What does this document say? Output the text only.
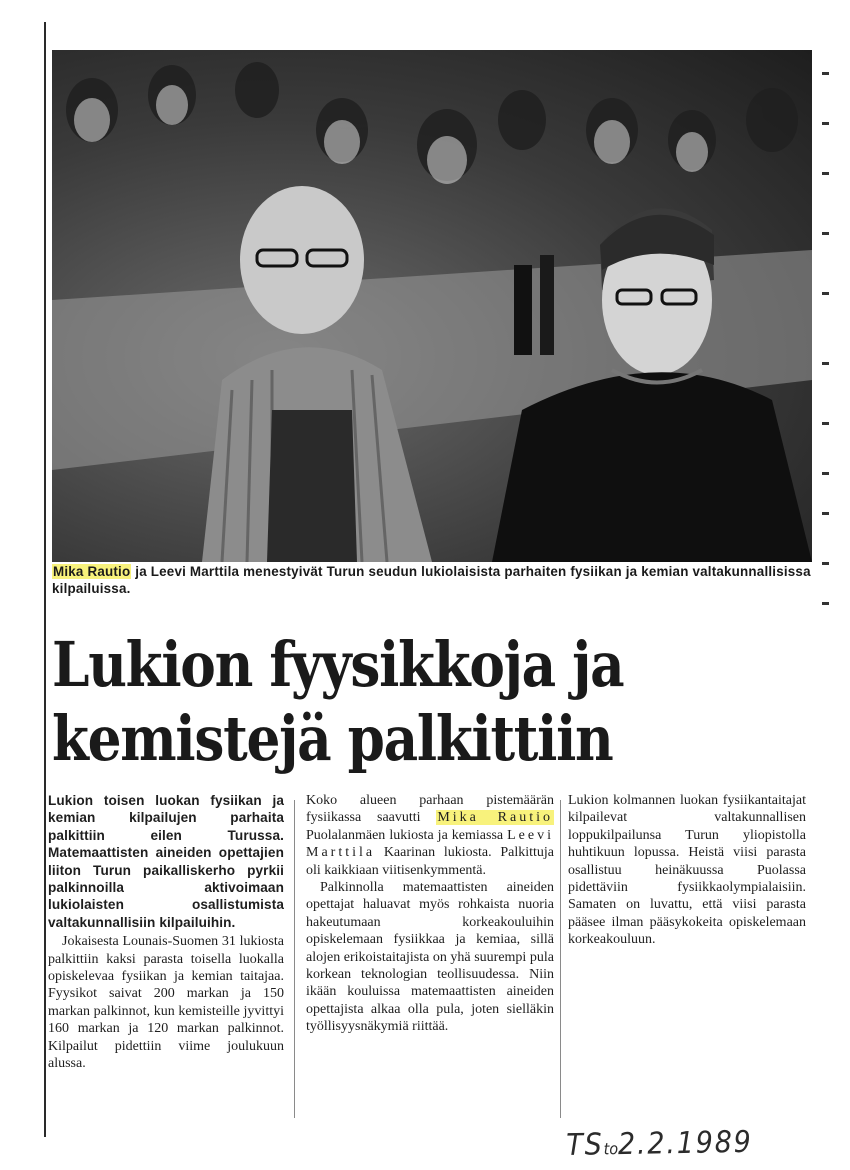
Mika Rautio ja Leevi Marttila menestyivät Turun seudun lukiolaisista parhaiten fysiikan ja kemian valtakunnallisissa kilpailuissa.
Lukion fyysikkoja ja
kemistejä palkittiin

Lukion toisen luokan fysiikan ja kemian kilpailujen parhaita palkittiin eilen Turussa. Matemaattisten aineiden opettajien liiton Turun paikalliskerho pyrkii palkinnoilla aktivoimaan lukiolaisten osallistumista valtakunnallisiin kilpailuihin.

Jokaisesta Lounais-Suomen 31 lukiosta palkittiin kaksi parasta toisella luokalla opiskelevaa fysiikan ja kemian taitajaa. Fyysikot saivat 200 markan ja 150 markan palkinnot, kun kemisteille jyvittyi 160 markan ja 120 markan palkinnot. Kilpailut pidettiin viime joulukuun alussa.

Koko alueen parhaan pistemäärän fysiikassa saavutti Mika Rautio Puolalanmäen lukiosta ja kemiassa Leevi Marttila Kaarinan lukiosta. Palkittuja oli kaikkiaan viitisenkymmentä.

Palkinnolla matemaattisten aineiden opettajat haluavat myös rohkaista nuoria hakeutumaan korkeakouluihin opiskelemaan fysiikkaa ja kemiaa, sillä alojen erikoistaitajista on yhä suurempi pula korkean teknologian teollisuudessa. Niin ikään kouluissa matemaattisten aineiden opettajista alkaa olla pula, joten sielläkin työllisyysnäkymiä riittää.

Lukion kolmannen luokan fysiikantaitajat kilpailevat valtakunnallisen loppukilpailunsa Turun yliopistolla huhtikuun lopussa. Heistä viisi parasta osallistuu heinäkuussa Puolassa pidettäviin fysiikkaolympialaisiin. Samaten on luvattu, että viisi parasta pääsee ilman pääsykokeita opiskelemaan korkeakouluun.

TSto2.2.1989
